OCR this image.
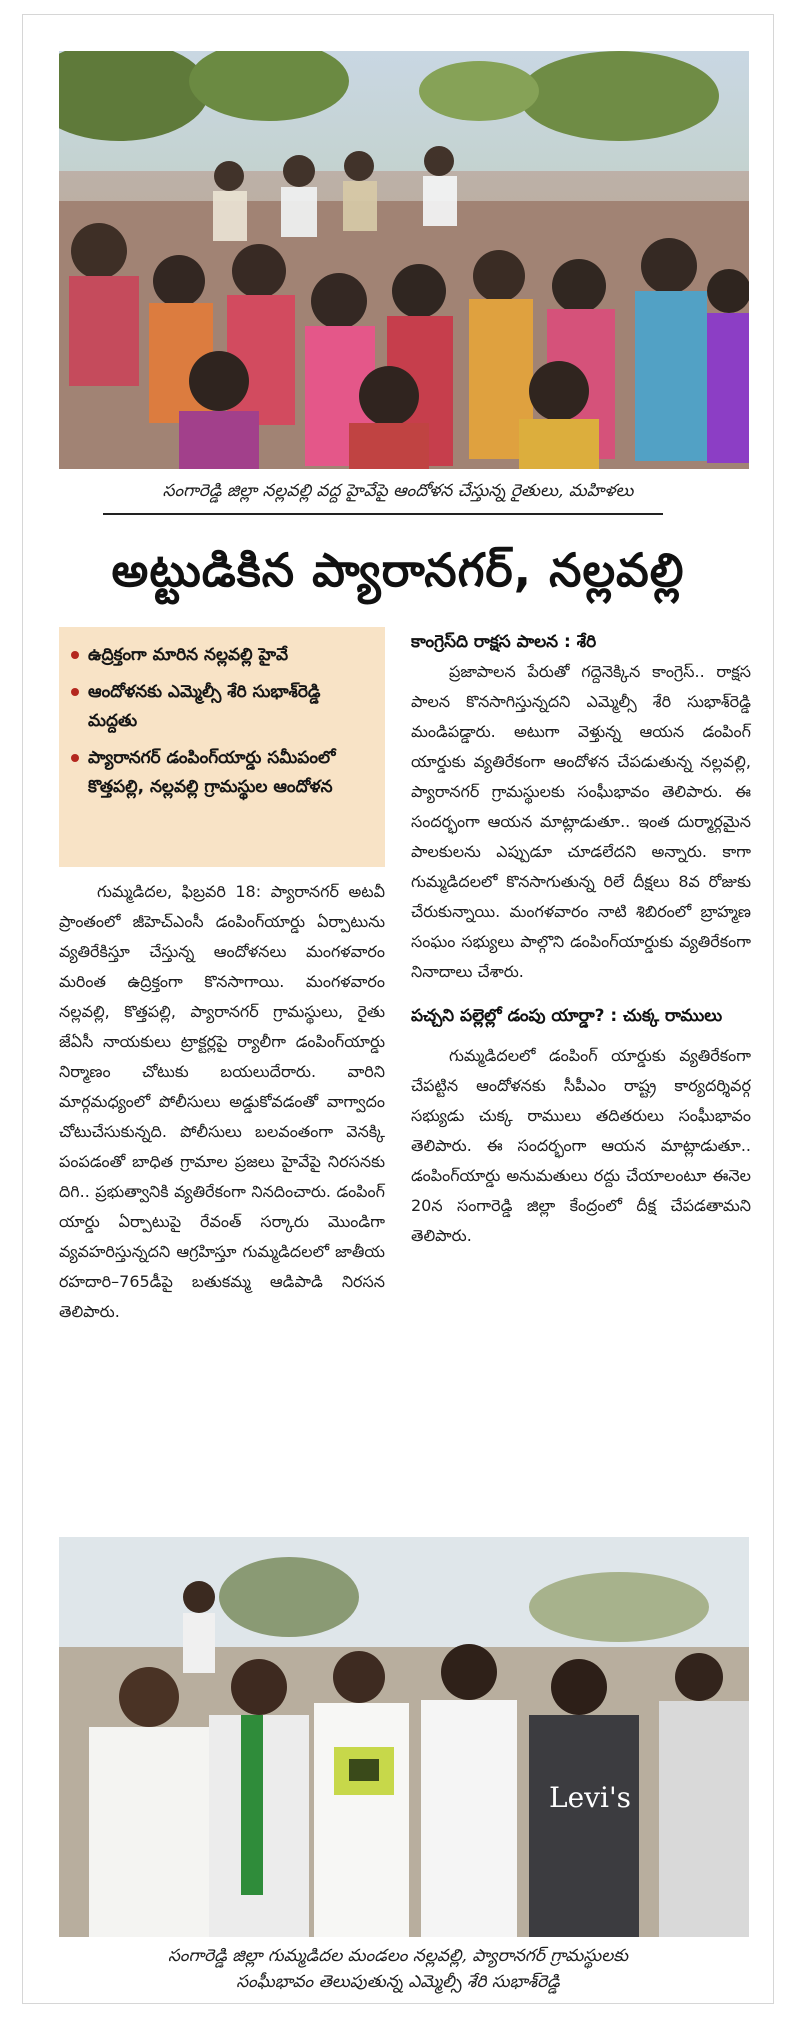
సంగారెడ్డి జిల్లా నల్లవల్లి వద్ద హైవేపై ఆందోళన చేస్తున్న రైతులు, మహిళలు
అట్టుడికిన ప్యారానగర్, నల్లవల్లి
ఉద్రిక్తంగా మారిన నల్లవల్లి హైవే
ఆందోళనకు ఎమ్మెల్సీ శేరి సుభాశ్‌రెడ్డి మద్దతు
ప్యారానగర్ డంపింగ్‌యార్డు సమీపంలో కొత్తపల్లి, నల్లవల్లి గ్రామస్థుల ఆందోళన

గుమ్మడిదల, ఫిబ్రవరి 18: ప్యారానగర్ అటవీ ప్రాంతంలో జీహెచ్ఎంసీ డంపింగ్‌యార్డు ఏర్పాటును వ్యతిరేకిస్తూ చేస్తున్న ఆందోళనలు మంగళవారం మరింత ఉద్రిక్తంగా కొనసాగాయి. మంగళవారం నల్లవల్లి, కొత్తపల్లి, ప్యారానగర్ గ్రామస్థులు, రైతు జేఏసీ నాయకులు ట్రాక్టర్లపై ర్యాలీగా డంపింగ్‌యార్డు నిర్మాణం చోటుకు బయలుదేరారు. వారిని మార్గమధ్యంలో పోలీసులు అడ్డుకోవడంతో వాగ్వాదం చోటుచేసుకున్నది. పోలీసులు బలవంతంగా వెనక్కి పంపడంతో బాధిత గ్రామాల ప్రజలు హైవేపై నిరసనకు దిగి.. ప్రభుత్వానికి వ్యతిరేకంగా నినదించారు. డంపింగ్ యార్డు ఏర్పాటుపై రేవంత్ సర్కారు మొండిగా వ్యవహరిస్తున్నదని ఆగ్రహిస్తూ గుమ్మడిదలలో జాతీయ రహదారి–765డీపై బతుకమ్మ ఆడిపాడి నిరసన తెలిపారు.

కాంగ్రెస్‌ది రాక్షస పాలన : శేరి

ప్రజాపాలన పేరుతో గద్దెనెక్కిన కాంగ్రెస్.. రాక్షస పాలన కొనసాగిస్తున్నదని ఎమ్మెల్సీ శేరి సుభాశ్‌రెడ్డి మండిపడ్డారు. అటుగా వెళ్తున్న ఆయన డంపింగ్ యార్డుకు వ్యతిరేకంగా ఆందోళన చేపడుతున్న నల్లవల్లి, ప్యారానగర్ గ్రామస్థులకు సంఘీభావం తెలిపారు. ఈ సందర్భంగా ఆయన మాట్లాడుతూ.. ఇంత దుర్మార్గమైన పాలకులను ఎప్పుడూ చూడలేదని అన్నారు. కాగా గుమ్మడిదలలో కొనసాగుతున్న రిలే దీక్షలు 8వ రోజుకు చేరుకున్నాయి. మంగళవారం నాటి శిబిరంలో బ్రాహ్మణ సంఘం సభ్యులు పాల్గొని డంపింగ్‌యార్డుకు వ్యతిరేకంగా నినాదాలు చేశారు.

పచ్చని పల్లెల్లో డంపు యార్డా? : చుక్క రాములు

గుమ్మడిదలలో డంపింగ్ యార్డుకు వ్యతిరేకంగా చేపట్టిన ఆందోళనకు సీపీఎం రాష్ట్ర కార్యదర్శివర్గ సభ్యుడు చుక్క రాములు తదితరులు సంఘీభావం తెలిపారు. ఈ సందర్భంగా ఆయన మాట్లాడుతూ.. డంపింగ్‌యార్డు అనుమతులు రద్దు చేయాలంటూ ఈనెల 20న సంగారెడ్డి జిల్లా కేంద్రంలో దీక్ష చేపడతామని తెలిపారు.

Levi's
సంగారెడ్డి జిల్లా గుమ్మడిదల మండలం నల్లవల్లి, ప్యారానగర్ గ్రామస్థులకు
సంఘీభావం తెలుపుతున్న ఎమ్మెల్సీ శేరి సుభాశ్‌రెడ్డి
